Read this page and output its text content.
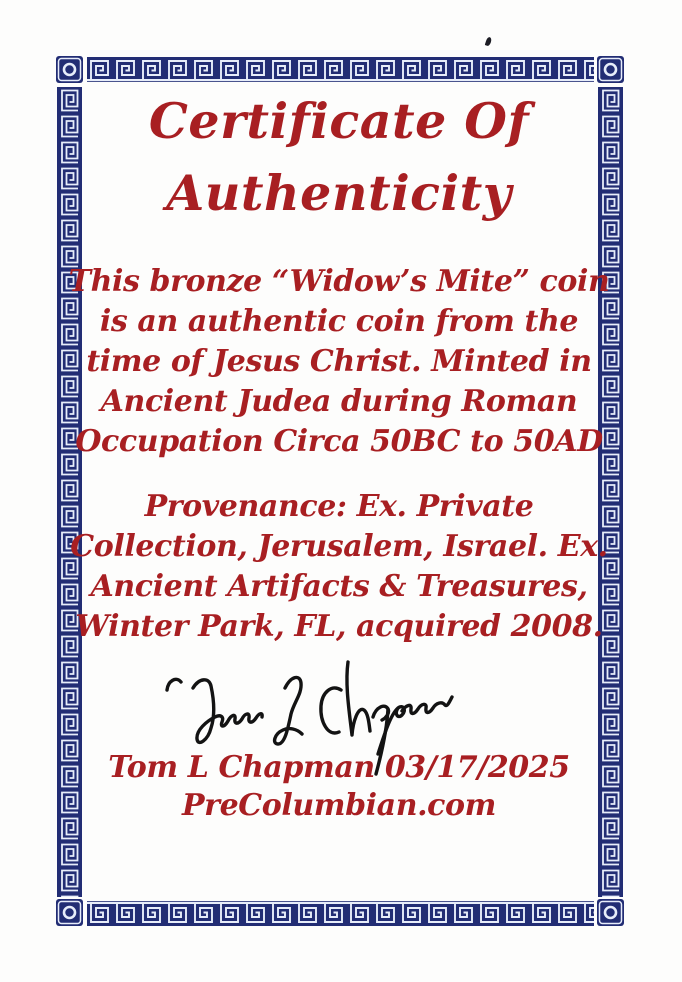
Certificate Of
Authenticity
This bronze “Widow’s Mite” coin
is an authentic coin from the
time of Jesus Christ. Minted in
Ancient Judea during Roman
Occupation Circa 50BC to 50AD
Provenance: Ex. Private
Collection, Jerusalem, Israel. Ex.
Ancient Artifacts & Treasures,
Winter Park, FL, acquired 2008.
Tom L Chapman 03/17/2025
PreColumbian.com
